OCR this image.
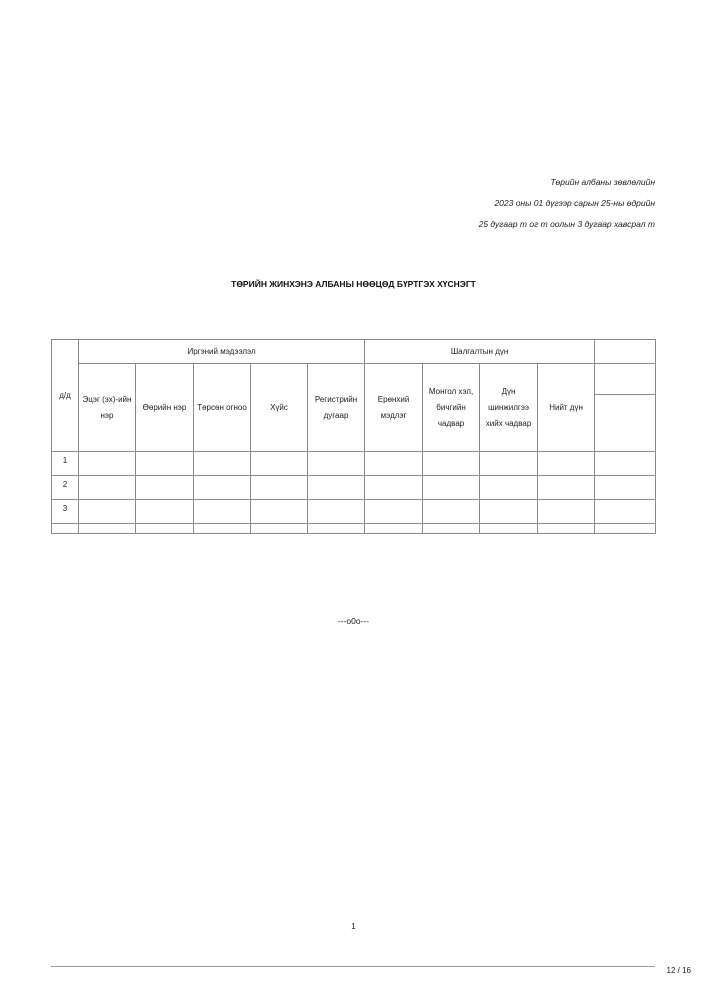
Төрийн албаны зөвлөлийн
2023 оны 01 дүгээр сарын 25-ны өдрийн
25 дугаар т ог т оолын 3 дугаар хавсрал т
ТӨРИЙН ЖИНХЭНЭ АЛБАНЫ НӨӨЦӨД БҮРТГЭХ ХҮСНЭГТ
д/д	Иргэний мэдээлэл					Шалгалтын дүн				
	Эцэг (эх)-ийн нэр	Өөрийн нэр	Төрсөн огноо	Хүйс	Регистрийн дугаар	Ерөнхий мэдлэг	Монгол хэл, бичгийн чадвар	Дүн шинжилгээ хийх чадвар	Нийт дүн	

1										
2										
3										

---o0o---
1
12 / 16
